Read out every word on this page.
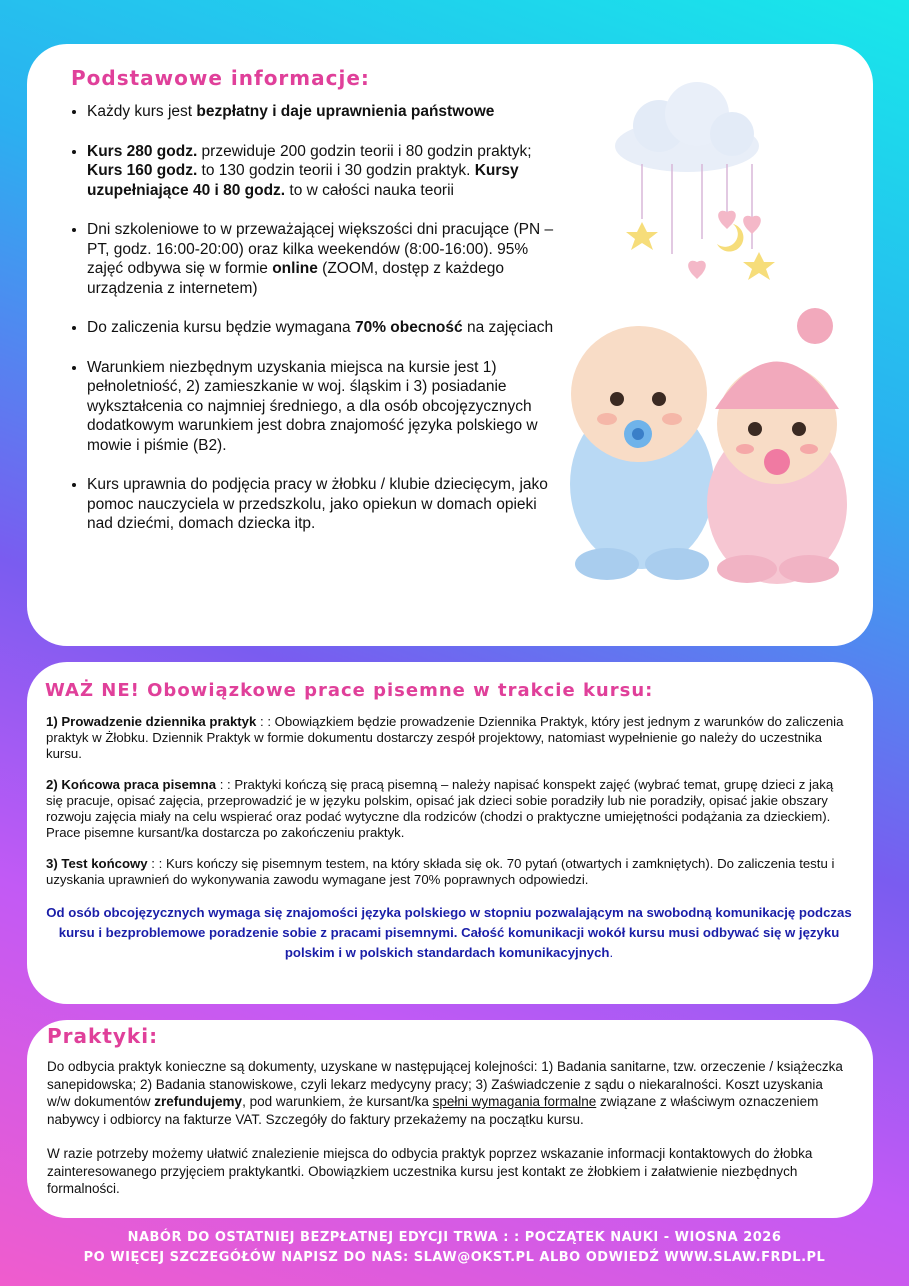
Podstawowe informacje:
• Każdy kurs jest bezpłatny i daje uprawnienia państwowe
• Kurs 280 godz. przewiduje 200 godzin teorii i 80 godzin praktyk; Kurs 160 godz. to 130 godzin teorii i 30 godzin praktyk. Kursy uzupełniające 40 i 80 godz. to w całości nauka teorii
• Dni szkoleniowe to w przeważającej większości dni pracujące (PN – PT, godz. 16:00-20:00) oraz kilka weekendów (8:00-16:00). 95% zajęć odbywa się w formie online (ZOOM, dostęp z każdego urządzenia z internetem)
• Do zaliczenia kursu będzie wymagana 70% obecność na zajęciach
• Warunkiem niezbędnym uzyskania miejsca na kursie jest 1) pełnoletniość, 2) zamieszkanie w woj. śląskim i 3) posiadanie wykształcenia co najmniej średniego, a dla osób obcojęzycznych dodatkowym warunkiem jest dobra znajomość języka polskiego w mowie i piśmie (B2).
• Kurs uprawnia do podjęcia pracy w żłobku / klubie dziecięcym, jako pomoc nauczyciela w przedszkolu, jako opiekun w domach opieki nad dziećmi, domach dziecka itp.
WAŻ NE! Obowiązkowe prace pisemne w trakcie kursu:

1) Prowadzenie dziennika praktyk : : Obowiązkiem będzie prowadzenie Dziennika Praktyk, który jest jednym z warunków do zaliczenia praktyk w Żłobku. Dziennik Praktyk w formie dokumentu dostarczy zespół projektowy, natomiast wypełnienie go należy do uczestnika kursu.

2) Końcowa praca pisemna : : Praktyki kończą się pracą pisemną – należy napisać konspekt zajęć (wybrać temat, grupę dzieci z jaką się pracuje, opisać zajęcia, przeprowadzić je w języku polskim, opisać jak dzieci sobie poradziły lub nie poradziły, opisać jakie obszary rozwoju zajęcia miały na celu wspierać oraz podać wytyczne dla rodziców (chodzi o praktyczne umiejętności podążania za dzieckiem). Prace pisemne kursant/ka dostarcza po zakończeniu praktyk.

3) Test końcowy : : Kurs kończy się pisemnym testem, na który składa się ok. 70 pytań (otwartych i zamkniętych). Do zaliczenia testu i uzyskania uprawnień do wykonywania zawodu wymagane jest 70% poprawnych odpowiedzi.

Od osób obcojęzycznych wymaga się znajomości języka polskiego w stopniu pozwalającym na swobodną komunikację podczas kursu i bezproblemowe poradzenie sobie z pracami pisemnymi. Całość komunikacji wokół kursu musi odbywać się w języku polskim i w polskich standardach komunikacyjnych.

Praktyki:

Do odbycia praktyk konieczne są dokumenty, uzyskane w następującej kolejności: 1) Badania sanitarne, tzw. orzeczenie / książeczka sanepidowska; 2) Badania stanowiskowe, czyli lekarz medycyny pracy; 3) Zaświadczenie z sądu o niekaralności. Koszt uzyskania w/w dokumentów zrefundujemy, pod warunkiem, że kursant/ka spełni wymagania formalne związane z właściwym oznaczeniem nabywcy i odbiorcy na fakturze VAT. Szczegóły do faktury przekażemy na początku kursu.

W razie potrzeby możemy ułatwić znalezienie miejsca do odbycia praktyk poprzez wskazanie informacji kontaktowych do żłobka zainteresowanego przyjęciem praktykantki. Obowiązkiem uczestnika kursu jest kontakt ze żłobkiem i załatwienie niezbędnych formalności.

NABÓR DO OSTATNIEJ BEZPŁATNEJ EDYCJI TRWA : : POCZĄTEK NAUKI - WIOSNA 2026
PO WIĘCEJ SZCZEGÓŁÓW NAPISZ DO NAS: SLAW@OKST.PL ALBO ODWIEDŹ WWW.SLAW.FRDL.PL
